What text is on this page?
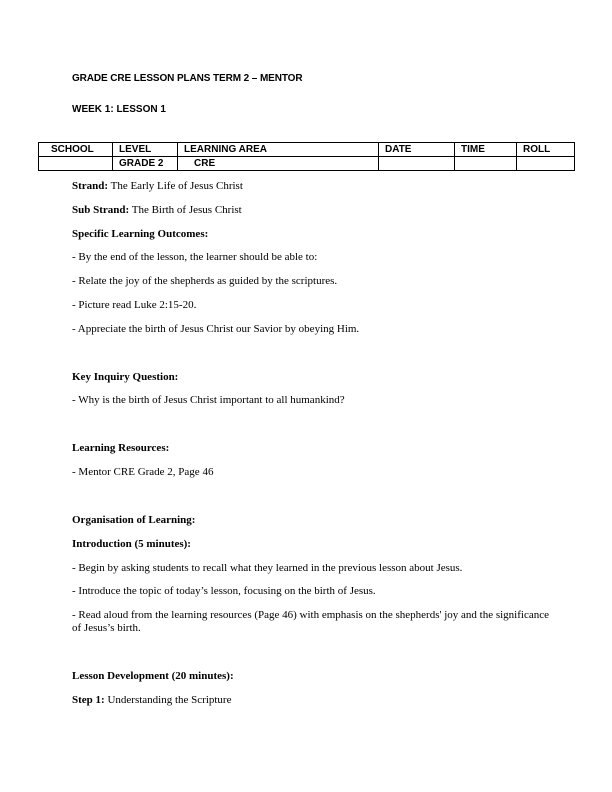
GRADE CRE LESSON PLANS TERM 2 – MENTOR
WEEK 1: LESSON 1
SCHOOL	LEVEL	LEARNING AREA	DATE	TIME	ROLL
	GRADE 2	CRE			
Strand: The Early Life of Jesus Christ
Sub Strand: The Birth of Jesus Christ
Specific Learning Outcomes:
- By the end of the lesson, the learner should be able to:
- Relate the joy of the shepherds as guided by the scriptures.
- Picture read Luke 2:15-20.
- Appreciate the birth of Jesus Christ our Savior by obeying Him.
Key Inquiry Question:
- Why is the birth of Jesus Christ important to all humankind?
Learning Resources:
- Mentor CRE Grade 2, Page 46
Organisation of Learning:
Introduction (5 minutes):
- Begin by asking students to recall what they learned in the previous lesson about Jesus.
- Introduce the topic of today’s lesson, focusing on the birth of Jesus.
- Read aloud from the learning resources (Page 46) with emphasis on the shepherds' joy and the significance of Jesus’s birth.
Lesson Development (20 minutes):
Step 1: Understanding the Scripture
